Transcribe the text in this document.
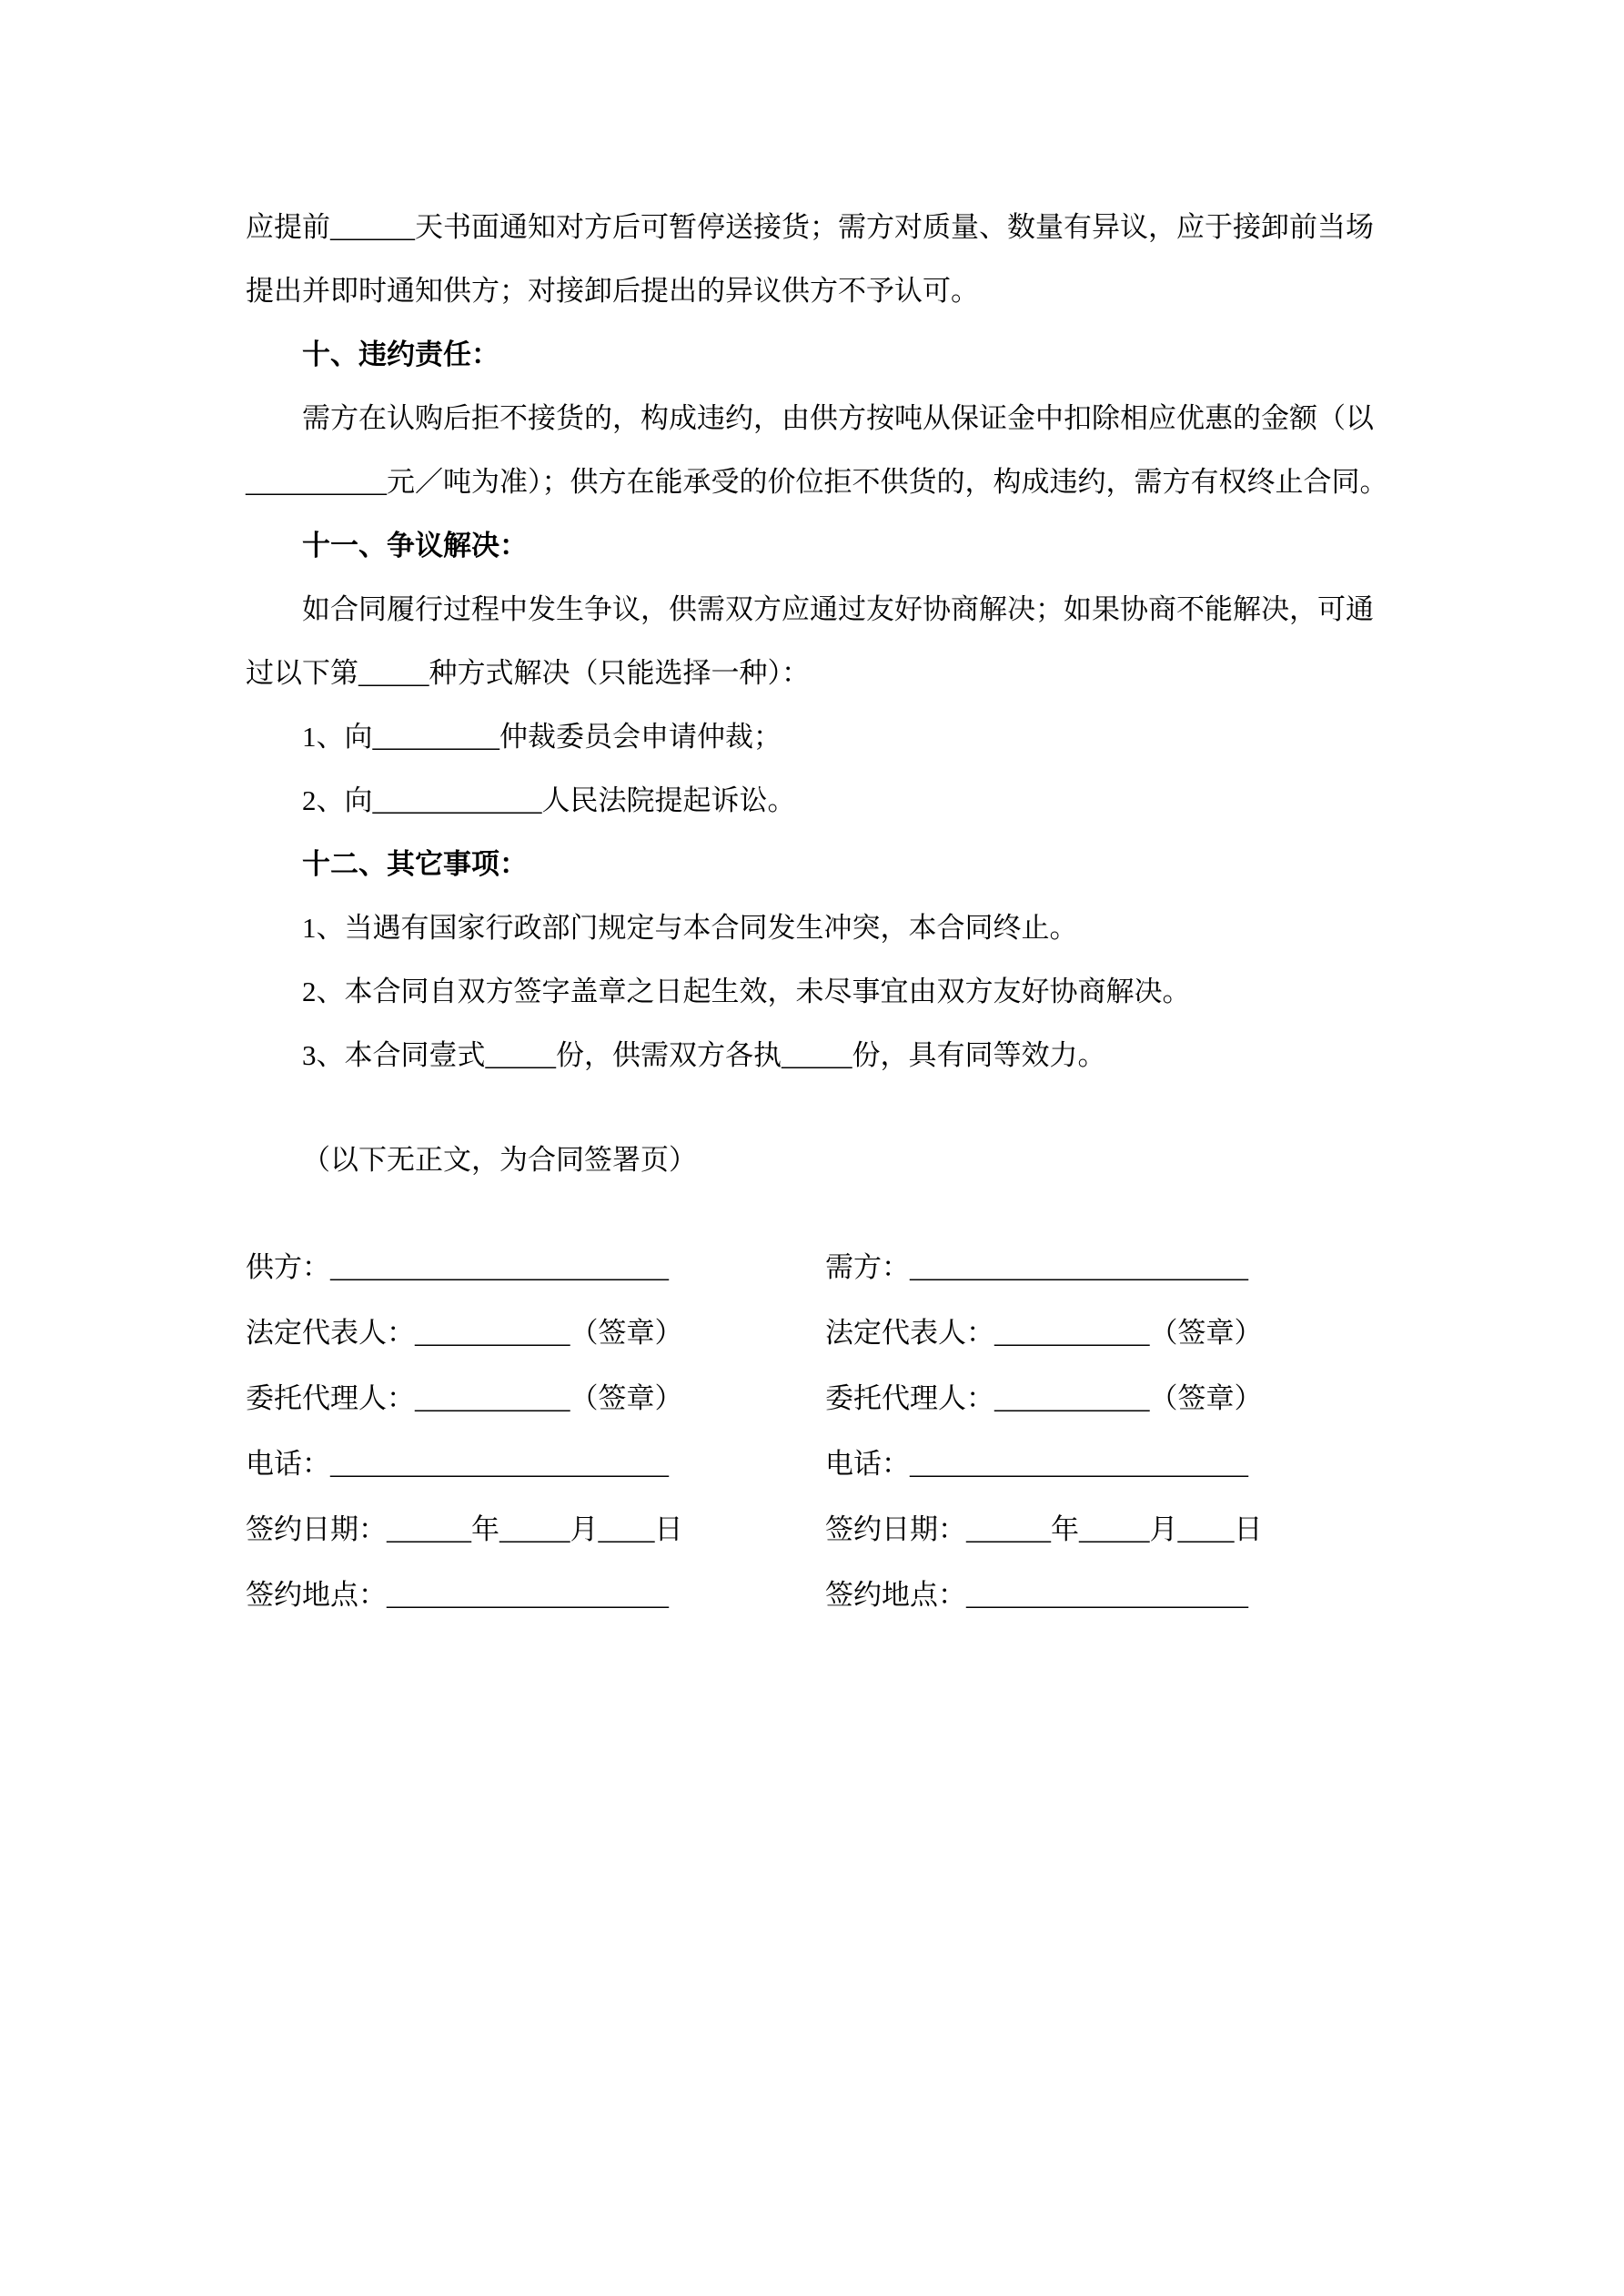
应提前______天书面通知对方后可暂停送接货；需方对质量、数量有异议，应于接卸前当场
提出并即时通知供方；对接卸后提出的异议供方不予认可。
十、违约责任：
需方在认购后拒不接货的，构成违约，由供方按吨从保证金中扣除相应优惠的金额（以
__________元／吨为准）；供方在能承受的价位拒不供货的，构成违约，需方有权终止合同。
十一、争议解决：
如合同履行过程中发生争议，供需双方应通过友好协商解决；如果协商不能解决，可通
过以下第_____种方式解决（只能选择一种）：
1、向_________仲裁委员会申请仲裁；
2、向____________人民法院提起诉讼。
十二、其它事项：
1、当遇有国家行政部门规定与本合同发生冲突，本合同终止。
2、本合同自双方签字盖章之日起生效，未尽事宜由双方友好协商解决。
3、本合同壹式_____份，供需双方各执_____份，具有同等效力。
（以下无正文，为合同签署页）
供方：________________________
法定代表人：___________（签章）
委托代理人：___________（签章）
电话：________________________
签约日期：______年_____月____日
签约地点：____________________
需方：________________________
法定代表人：___________（签章）
委托代理人：___________（签章）
电话：________________________
签约日期：______年_____月____日
签约地点：____________________
